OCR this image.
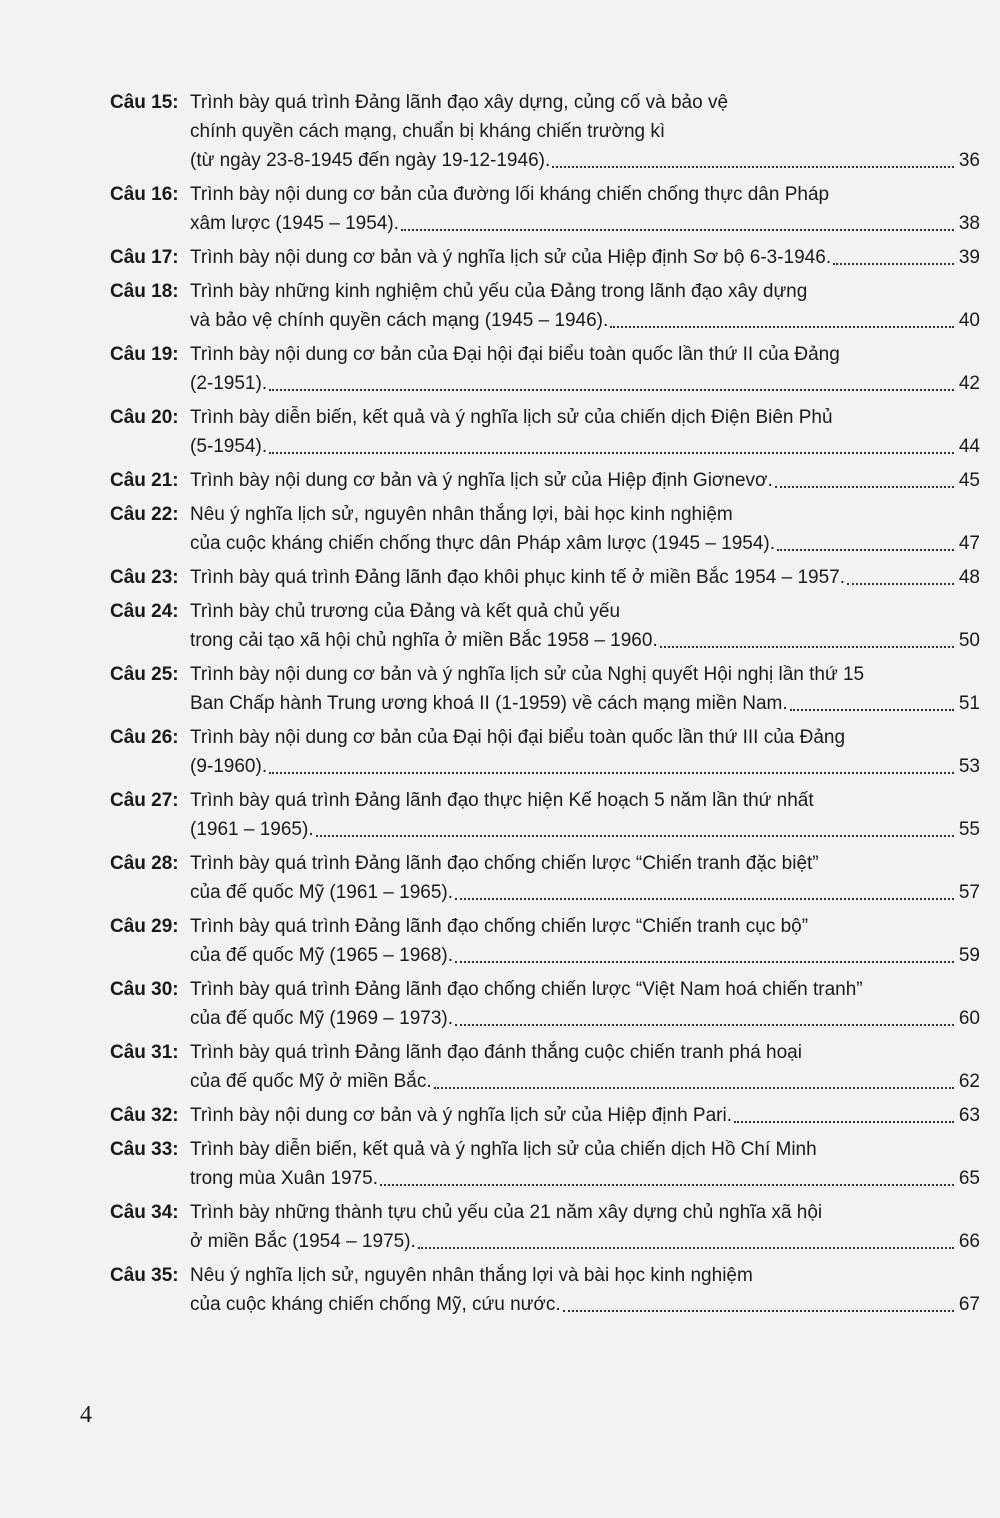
Câu 15: Trình bày quá trình Đảng lãnh đạo xây dựng, củng cố và bảo vệ
chính quyền cách mạng, chuẩn bị kháng chiến trường kì
(từ ngày 23-8-1945 đến ngày 19-12-1946).	36
Câu 16: Trình bày nội dung cơ bản của đường lối kháng chiến chống thực dân Pháp
xâm lược (1945 – 1954).	38
Câu 17: Trình bày nội dung cơ bản và ý nghĩa lịch sử của Hiệp định Sơ bộ 6-3-1946.	39
Câu 18: Trình bày những kinh nghiệm chủ yếu của Đảng trong lãnh đạo xây dựng
và bảo vệ chính quyền cách mạng (1945 – 1946).	40
Câu 19: Trình bày nội dung cơ bản của Đại hội đại biểu toàn quốc lần thứ II của Đảng
(2-1951).	42
Câu 20: Trình bày diễn biến, kết quả và ý nghĩa lịch sử của chiến dịch Điện Biên Phủ
(5-1954).	44
Câu 21: Trình bày nội dung cơ bản và ý nghĩa lịch sử của Hiệp định Giơnevơ.	45
Câu 22: Nêu ý nghĩa lịch sử, nguyên nhân thắng lợi, bài học kinh nghiệm
của cuộc kháng chiến chống thực dân Pháp xâm lược (1945 – 1954).	47
Câu 23: Trình bày quá trình Đảng lãnh đạo khôi phục kinh tế ở miền Bắc 1954 – 1957.	48
Câu 24: Trình bày chủ trương của Đảng và kết quả chủ yếu
trong cải tạo xã hội chủ nghĩa ở miền Bắc 1958 – 1960.	50
Câu 25: Trình bày nội dung cơ bản và ý nghĩa lịch sử của Nghị quyết Hội nghị lần thứ 15
Ban Chấp hành Trung ương khoá II (1-1959) về cách mạng miền Nam.	51
Câu 26: Trình bày nội dung cơ bản của Đại hội đại biểu toàn quốc lần thứ III của Đảng
(9-1960).	53
Câu 27: Trình bày quá trình Đảng lãnh đạo thực hiện Kế hoạch 5 năm lần thứ nhất
(1961 – 1965).	55
Câu 28: Trình bày quá trình Đảng lãnh đạo chống chiến lược “Chiến tranh đặc biệt”
của đế quốc Mỹ (1961 – 1965).	57
Câu 29: Trình bày quá trình Đảng lãnh đạo chống chiến lược “Chiến tranh cục bộ”
của đế quốc Mỹ (1965 – 1968).	59
Câu 30: Trình bày quá trình Đảng lãnh đạo chống chiến lược “Việt Nam hoá chiến tranh”
của đế quốc Mỹ (1969 – 1973).	60
Câu 31: Trình bày quá trình Đảng lãnh đạo đánh thắng cuộc chiến tranh phá hoại
của đế quốc Mỹ ở miền Bắc.	62
Câu 32: Trình bày nội dung cơ bản và ý nghĩa lịch sử của Hiệp định Pari.	63
Câu 33: Trình bày diễn biến, kết quả và ý nghĩa lịch sử của chiến dịch Hồ Chí Minh
trong mùa Xuân 1975.	65
Câu 34: Trình bày những thành tựu chủ yếu của 21 năm xây dựng chủ nghĩa xã hội
ở miền Bắc (1954 – 1975).	66
Câu 35: Nêu ý nghĩa lịch sử, nguyên nhân thắng lợi và bài học kinh nghiệm
của cuộc kháng chiến chống Mỹ, cứu nước.	67
4
